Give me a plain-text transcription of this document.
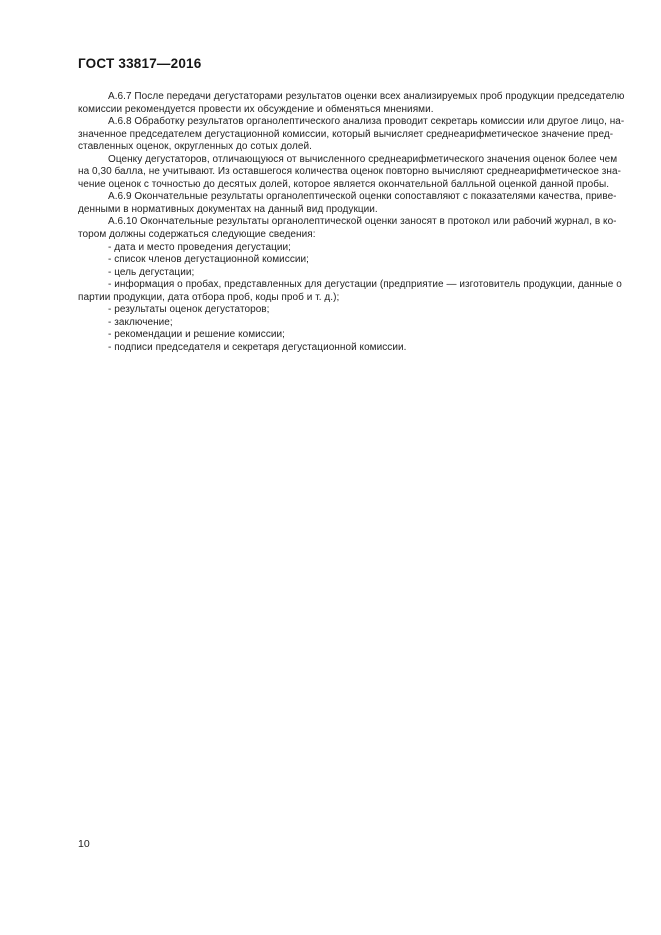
ГОСТ 33817—2016
А.6.7 После передачи дегустаторами результатов оценки всех анализируемых проб продукции председателю
комиссии рекомендуется провести их обсуждение и обменяться мнениями.
А.6.8 Обработку результатов органолептического анализа проводит секретарь комиссии или другое лицо, на-
значенное председателем дегустационной комиссии, который вычисляет среднеарифметическое значение пред-
ставленных оценок, округленных до сотых долей.
Оценку дегустаторов, отличающуюся от вычисленного среднеарифметического значения оценок более чем
на 0,30 балла, не учитывают. Из оставшегося количества оценок повторно вычисляют среднеарифметическое зна-
чение оценок с точностью до десятых долей, которое является окончательной балльной оценкой данной пробы.
А.6.9 Окончательные результаты органолептической оценки сопоставляют с показателями качества, приве-
денными в нормативных документах на данный вид продукции.
А.6.10 Окончательные результаты органолептической оценки заносят в протокол или рабочий журнал, в ко-
тором должны содержаться следующие сведения:
- дата и место проведения дегустации;
- список членов дегустационной комиссии;
- цель дегустации;
- информация о пробах, представленных для дегустации (предприятие — изготовитель продукции, данные о
партии продукции, дата отбора проб, коды проб и т. д.);
- результаты оценок дегустаторов;
- заключение;
- рекомендации и решение комиссии;
- подписи председателя и секретаря дегустационной комиссии.
10
